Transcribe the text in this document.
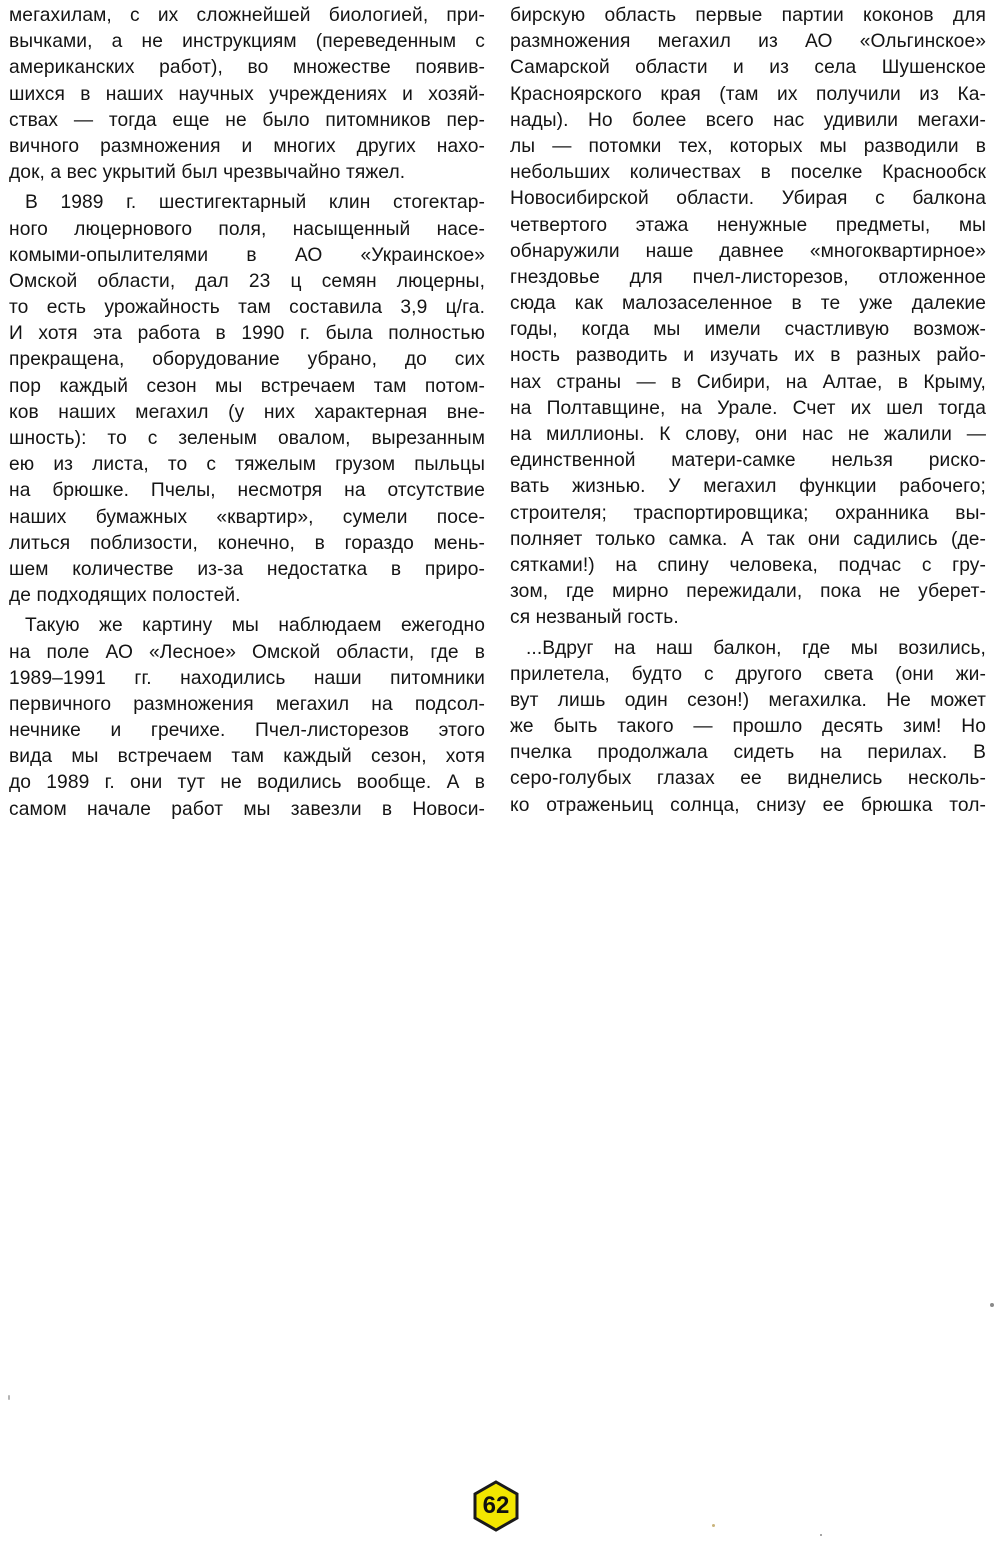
мегахилам, с их сложнейшей биологией, при-
вычками, а не инструкциям (переведенным с
американских работ), во множестве появив-
шихся в наших научных учреждениях и хозяй-
ствах — тогда еще не было питомников пер-
вичного размножения и многих других нахо-
док, а вес укрытий был чрезвычайно тяжел.
В 1989 г. шестигектарный клин стогектар-
ного люцернового поля, насыщенный насе-
комыми-опылителями в АО «Украинское»
Омской области, дал 23 ц семян люцерны,
то есть урожайность там составила 3,9 ц/га.
И хотя эта работа в 1990 г. была полностью
прекращена, оборудование убрано, до сих
пор каждый сезон мы встречаем там потом-
ков наших мегахил (у них характерная вне-
шность): то с зеленым овалом, вырезанным
ею из листа, то с тяжелым грузом пыльцы
на брюшке. Пчелы, несмотря на отсутствие
наших бумажных «квартир», сумели посе-
литься поблизости, конечно, в гораздо мень-
шем количестве из-за недостатка в приро-
де подходящих полостей.
Такую же картину мы наблюдаем ежегодно
на поле АО «Лесное» Омской области, где в
1989–1991 гг. находились наши питомники
первичного размножения мегахил на подсол-
нечнике и гречихе. Пчел-листорезов этого
вида мы встречаем там каждый сезон, хотя
до 1989 г. они тут не водились вообще. А в
самом начале работ мы завезли в Новоси-
бирскую область первые партии коконов для
размножения мегахил из АО «Ольгинское»
Самарской области и из села Шушенское
Красноярского края (там их получили из Ка-
нады). Но более всего нас удивили мегахи-
лы — потомки тех, которых мы разводили в
небольших количествах в поселке Краснообск
Новосибирской области. Убирая с балкона
четвертого этажа ненужные предметы, мы
обнаружили наше давнее «многоквартирное»
гнездовье для пчел-листорезов, отложенное
сюда как малозаселенное в те уже далекие
годы, когда мы имели счастливую возмож-
ность разводить и изучать их в разных райо-
нах страны — в Сибири, на Алтае, в Крыму,
на Полтавщине, на Урале. Счет их шел тогда
на миллионы. К слову, они нас не жалили —
единственной матери-самке нельзя риско-
вать жизнью. У мегахил функции рабочего;
строителя; траспортировщика; охранника вы-
полняет только самка. А так они садились (де-
сятками!) на спину человека, подчас с гру-
зом, где мирно пережидали, пока не уберет-
ся незваный гость.
...Вдруг на наш балкон, где мы возились,
прилетела, будто с другого света (они жи-
вут лишь один сезон!) мегахилка. Не может
же быть такого — прошло десять зим! Но
пчелка продолжала сидеть на перилах. В
серо-голубых глазах ее виднелись несколь-
ко отраженьиц солнца, снизу ее брюшка тол-
62
